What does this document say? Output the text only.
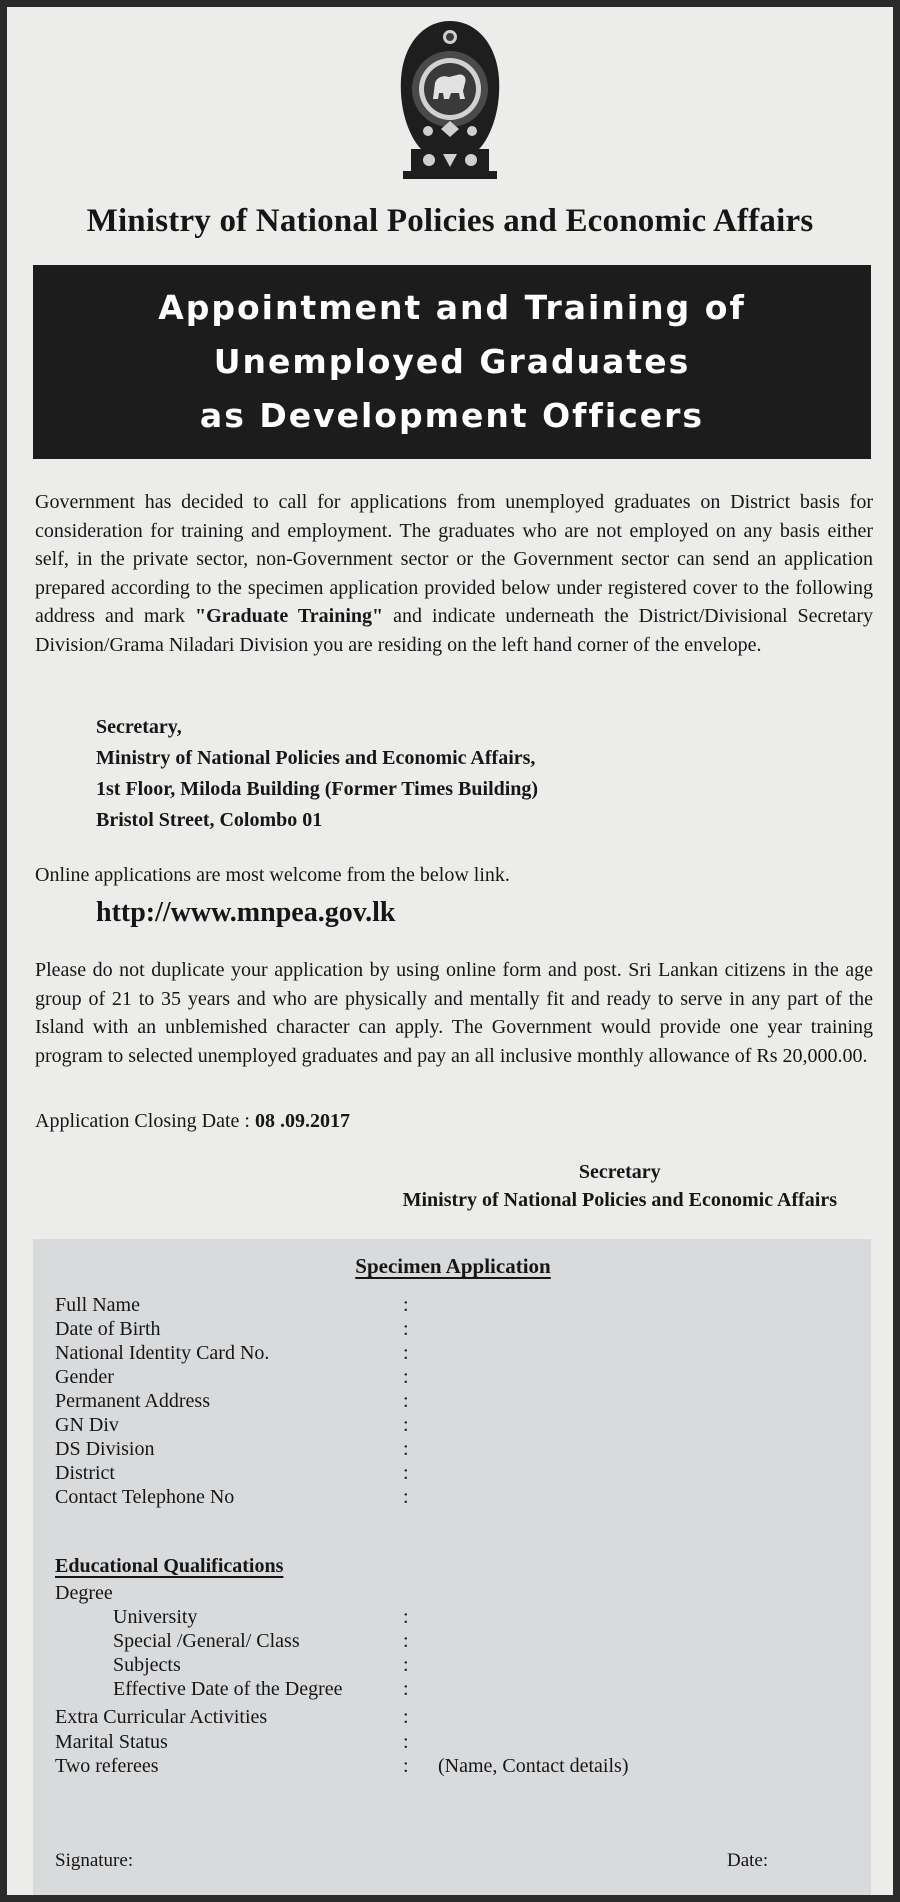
Ministry of National Policies and Economic Affairs
Appointment and Training of
Unemployed Graduates
as Development Officers

Government has decided to call for applications from unemployed graduates on District basis for consideration for training and employment. The graduates who are not employed on any basis either self, in the private sector, non-Government sector or the Government sector can send an application prepared according to the specimen application provided below under registered cover to the following address and mark "Graduate Training" and indicate underneath the District/Divisional Secretary Division/Grama Niladari Division you are residing on the left hand corner of the envelope.

Secretary,
Ministry of National Policies and Economic Affairs,
1st Floor, Miloda Building (Former Times Building)
Bristol Street, Colombo 01

Online applications are most welcome from the below link.

http://www.mnpea.gov.lk

Please do not duplicate your application by using online form and post. Sri Lankan citizens in the age group of 21 to 35 years and who are physically and mentally fit and ready to serve in any part of the Island with an unblemished character can apply. The Government would provide one year training program to selected unemployed graduates and pay an all inclusive monthly allowance of Rs 20,000.00.

Application Closing Date : 08 .09.2017
Secretary
Ministry of National Policies and Economic Affairs
Specimen Application
Full Name	:
Date of Birth	:
National Identity Card No.	:
Gender	:
Permanent Address	:
GN Div	:
DS Division	:
District	:
Contact Telephone No	:
Educational Qualifications
Degree
University	:
Special /General/ Class	:
Subjects	:
Effective Date of the Degree	:
Extra Curricular Activities	:
Marital Status	:
Two referees	: (Name, Contact details)
Signature:	Date:
